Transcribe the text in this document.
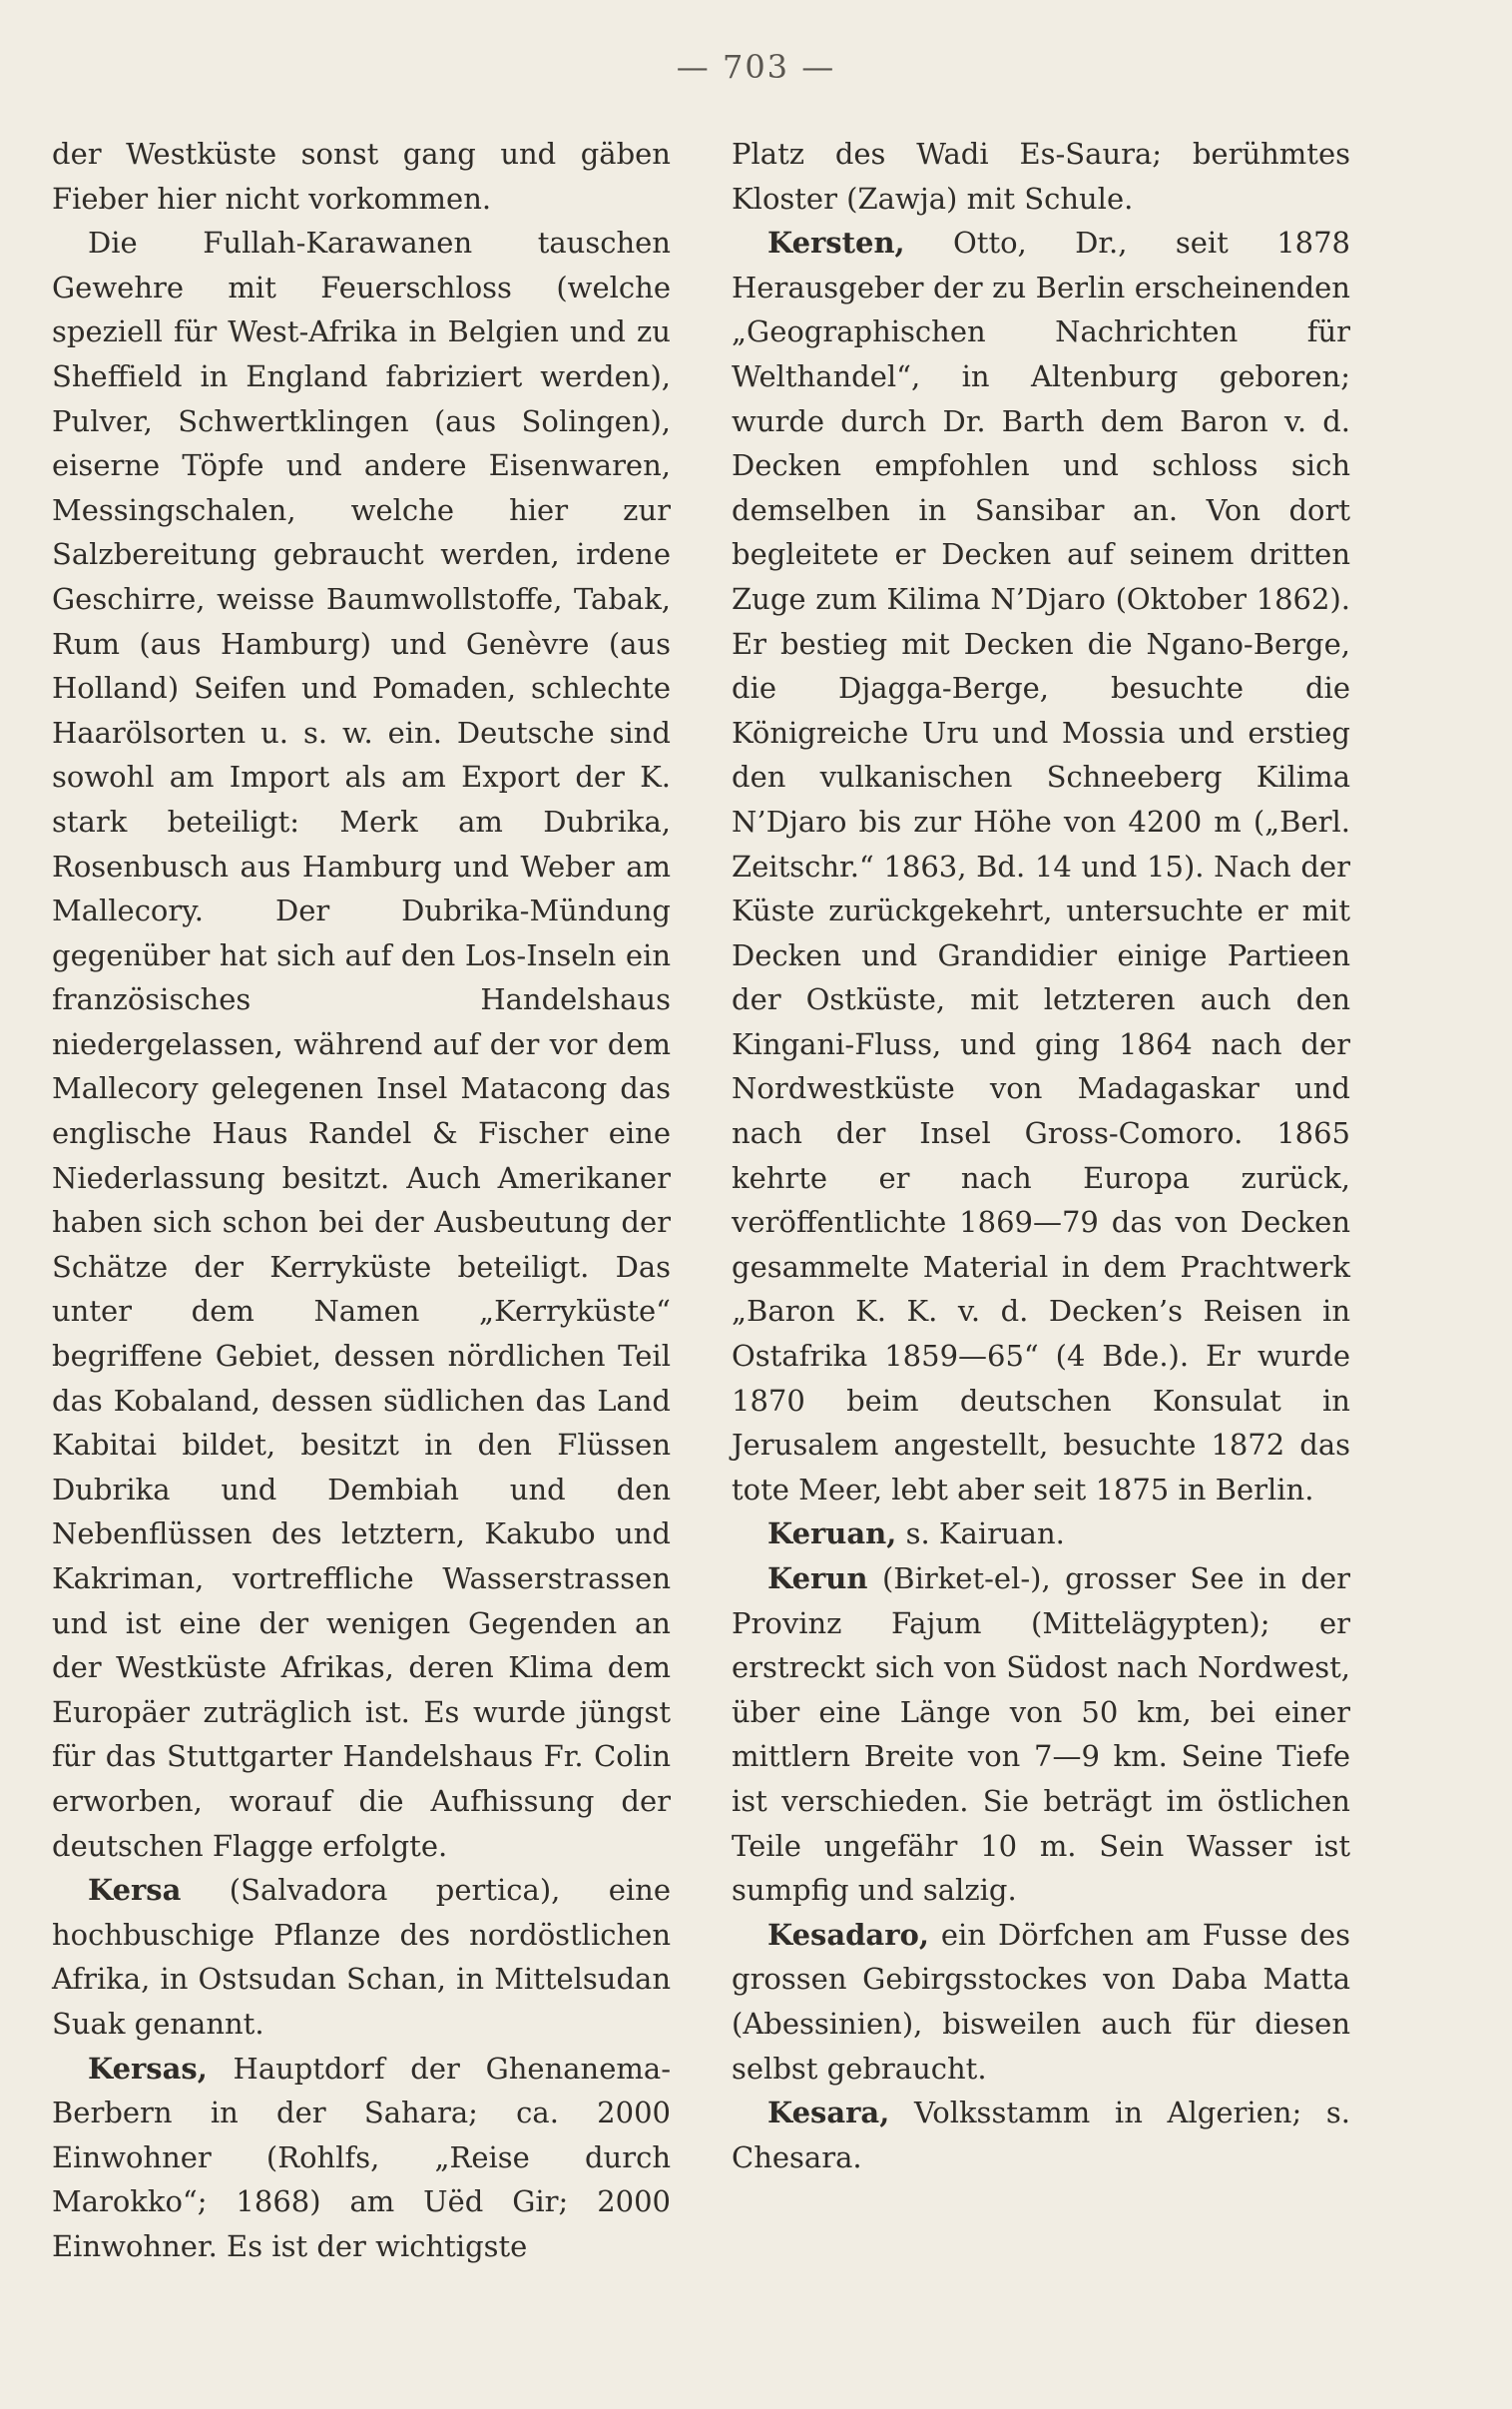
— 703 —

der Westküste sonst gang und gäben Fieber hier nicht vorkommen.

Die Fullah-Karawanen tauschen Gewehre mit Feuerschloss (welche speziell für West-Afrika in Belgien und zu Sheffield in England fabriziert werden), Pulver, Schwertklingen (aus Solingen), eiserne Töpfe und andere Eisenwaren, Messingschalen, welche hier zur Salzbereitung gebraucht werden, irdene Geschirre, weisse Baumwollstoffe, Tabak, Rum (aus Hamburg) und Genèvre (aus Holland) Seifen und Pomaden, schlechte Haarölsorten u. s. w. ein. Deutsche sind sowohl am Import als am Export der K. stark beteiligt: Merk am Dubrika, Rosenbusch aus Hamburg und Weber am Mallecory. Der Dubrika-Mündung gegenüber hat sich auf den Los-Inseln ein französisches Handelshaus niedergelassen, während auf der vor dem Mallecory gelegenen Insel Matacong das englische Haus Randel & Fischer eine Niederlassung besitzt. Auch Amerikaner haben sich schon bei der Ausbeutung der Schätze der Kerryküste beteiligt. Das unter dem Namen „Kerryküste“ begriffene Gebiet, dessen nördlichen Teil das Kobaland, dessen südlichen das Land Kabitai bildet, besitzt in den Flüssen Dubrika und Dembiah und den Nebenflüssen des letztern, Kakubo und Kakriman, vortreffliche Wasserstrassen und ist eine der wenigen Gegenden an der Westküste Afrikas, deren Klima dem Europäer zuträglich ist. Es wurde jüngst für das Stuttgarter Handelshaus Fr. Colin erworben, worauf die Aufhissung der deutschen Flagge erfolgte.

Kersa (Salvadora pertica), eine hochbuschige Pflanze des nordöstlichen Afrika, in Ostsudan Schan, in Mittelsudan Suak genannt.

Kersas, Hauptdorf der Ghenanema-Berbern in der Sahara; ca. 2000 Einwohner (Rohlfs, „Reise durch Marokko“; 1868) am Uëd Gir; 2000 Einwohner. Es ist der wichtigste

Platz des Wadi Es-Saura; berühmtes Kloster (Zawja) mit Schule.

Kersten, Otto, Dr., seit 1878 Herausgeber der zu Berlin erscheinenden „Geographischen Nachrichten für Welthandel“, in Altenburg geboren; wurde durch Dr. Barth dem Baron v. d. Decken empfohlen und schloss sich demselben in Sansibar an. Von dort begleitete er Decken auf seinem dritten Zuge zum Kilima N’Djaro (Oktober 1862). Er bestieg mit Decken die Ngano-Berge, die Djagga-Berge, besuchte die Königreiche Uru und Mossia und erstieg den vulkanischen Schneeberg Kilima N’Djaro bis zur Höhe von 4200 m („Berl. Zeitschr.“ 1863, Bd. 14 und 15). Nach der Küste zurückgekehrt, untersuchte er mit Decken und Grandidier einige Partieen der Ostküste, mit letzteren auch den Kingani-Fluss, und ging 1864 nach der Nordwestküste von Madagaskar und nach der Insel Gross-Comoro. 1865 kehrte er nach Europa zurück, veröffentlichte 1869—79 das von Decken gesammelte Material in dem Prachtwerk „Baron K. K. v. d. Decken’s Reisen in Ostafrika 1859—65“ (4 Bde.). Er wurde 1870 beim deutschen Konsulat in Jerusalem angestellt, besuchte 1872 das tote Meer, lebt aber seit 1875 in Berlin.

Keruan, s. Kairuan.

Kerun (Birket-el-), grosser See in der Provinz Fajum (Mittelägypten); er erstreckt sich von Südost nach Nordwest, über eine Länge von 50 km, bei einer mittlern Breite von 7—9 km. Seine Tiefe ist verschieden. Sie beträgt im östlichen Teile ungefähr 10 m. Sein Wasser ist sumpfig und salzig.

Kesadaro, ein Dörfchen am Fusse des grossen Gebirgsstockes von Daba Matta (Abessinien), bisweilen auch für diesen selbst gebraucht.

Kesara, Volksstamm in Algerien; s. Chesara.
